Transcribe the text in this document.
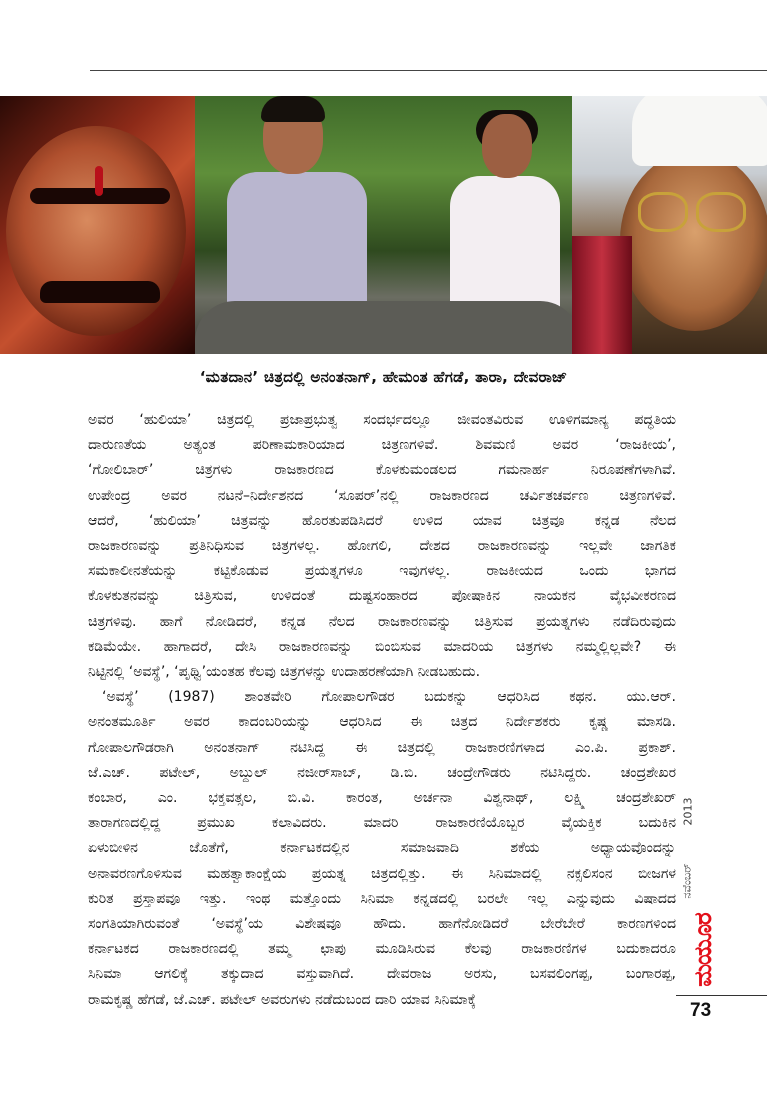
‘ಮತದಾನ’ ಚಿತ್ರದಲ್ಲಿ ಅನಂತನಾಗ್, ಹೇಮಂತ ಹೆಗಡೆ, ತಾರಾ, ದೇವರಾಜ್

ಅವರ ‘ಹುಲಿಯಾ’ ಚಿತ್ರದಲ್ಲಿ ಪ್ರಜಾಪ್ರಭುತ್ವ ಸಂದರ್ಭದಲ್ಲೂ ಜೀವಂತವಿರುವ ಊಳಿಗಮಾನ್ಯ ಪದ್ಧತಿಯ

ದಾರುಣತೆಯ ಅತ್ಯಂತ ಪರಿಣಾಮಕಾರಿಯಾದ ಚಿತ್ರಣಗಳಿವೆ. ಶಿವಮಣಿ ಅವರ ‘ರಾಜಕೀಯ’,

‘ಗೋಲಿಬಾರ್’ ಚಿತ್ರಗಳು ರಾಜಕಾರಣದ ಕೊಳಕುಮಂಡಲದ ಗಮನಾರ್ಹ ನಿರೂಪಣೆಗಳಾಗಿವೆ.

ಉಪೇಂದ್ರ ಅವರ ನಟನೆ–ನಿರ್ದೇಶನದ ‘ಸೂಪರ್’ನಲ್ಲಿ ರಾಜಕಾರಣದ ಚರ್ವಿತಚರ್ವಣ ಚಿತ್ರಣಗಳಿವೆ.

ಆದರೆ, ‘ಹುಲಿಯಾ’ ಚಿತ್ರವನ್ನು ಹೊರತುಪಡಿಸಿದರೆ ಉಳಿದ ಯಾವ ಚಿತ್ರವೂ ಕನ್ನಡ ನೆಲದ

ರಾಜಕಾರಣವನ್ನು ಪ್ರತಿನಿಧಿಸುವ ಚಿತ್ರಗಳಲ್ಲ. ಹೋಗಲಿ, ದೇಶದ ರಾಜಕಾರಣವನ್ನು ಇಲ್ಲವೇ ಜಾಗತಿಕ

ಸಮಕಾಲೀನತೆಯನ್ನು ಕಟ್ಟಿಕೊಡುವ ಪ್ರಯತ್ನಗಳೂ ಇವುಗಳಲ್ಲ. ರಾಜಕೀಯದ ಒಂದು ಭಾಗದ

ಕೊಳಕುತನವನ್ನು ಚಿತ್ರಿಸುವ, ಉಳಿದಂತೆ ದುಷ್ಟಸಂಹಾರದ ಪೋಷಾಕಿನ ನಾಯಕನ ವೈಭವೀಕರಣದ

ಚಿತ್ರಗಳಿವು. ಹಾಗೆ ನೋಡಿದರೆ, ಕನ್ನಡ ನೆಲದ ರಾಜಕಾರಣವನ್ನು ಚಿತ್ರಿಸುವ ಪ್ರಯತ್ನಗಳು ನಡೆದಿರುವುದು

ಕಡಿಮೆಯೇ. ಹಾಗಾದರೆ, ದೇಸಿ ರಾಜಕಾರಣವನ್ನು ಬಿಂಬಿಸುವ ಮಾದರಿಯ ಚಿತ್ರಗಳು ನಮ್ಮಲ್ಲಿಲ್ಲವೇ? ಈ

ನಿಟ್ಟಿನಲ್ಲಿ ‘ಅವಸ್ಥೆ’, ‘ಪೃಥ್ವಿ’ಯಂತಹ ಕೆಲವು ಚಿತ್ರಗಳನ್ನು ಉದಾಹರಣೆಯಾಗಿ ನೀಡಬಹುದು.

‘ಅವಸ್ಥೆ’ (1987) ಶಾಂತವೇರಿ ಗೋಪಾಲಗೌಡರ ಬದುಕನ್ನು ಆಧರಿಸಿದ ಕಥನ. ಯು.ಆರ್.

ಅನಂತಮೂರ್ತಿ ಅವರ ಕಾದಂಬರಿಯನ್ನು ಆಧರಿಸಿದ ಈ ಚಿತ್ರದ ನಿರ್ದೇಶಕರು ಕೃಷ್ಣ ಮಾಸಡಿ.

ಗೋಪಾಲಗೌಡರಾಗಿ ಅನಂತನಾಗ್ ನಟಿಸಿದ್ದ ಈ ಚಿತ್ರದಲ್ಲಿ ರಾಜಕಾರಣಿಗಳಾದ ಎಂ.ಪಿ. ಪ್ರಕಾಶ್.

ಜೆ.ಎಚ್. ಪಟೇಲ್, ಅಬ್ದುಲ್ ನಜೀರ್‌ಸಾಬ್, ಡಿ.ಬಿ. ಚಂದ್ರೇಗೌಡರು ನಟಿಸಿದ್ದರು. ಚಂದ್ರಶೇಖರ

ಕಂಬಾರ, ಎಂ. ಭಕ್ತವತ್ಸಲ, ಬಿ.ವಿ. ಕಾರಂತ, ಅರ್ಚನಾ ವಿಶ್ವನಾಥ್, ಲಕ್ಷ್ಮಿ ಚಂದ್ರಶೇಖರ್

ತಾರಾಗಣದಲ್ಲಿದ್ದ ಪ್ರಮುಖ ಕಲಾವಿದರು. ಮಾದರಿ ರಾಜಕಾರಣಿಯೊಬ್ಬರ ವೈಯಕ್ತಿಕ ಬದುಕಿನ

ಏಳುಬೀಳಿನ ಜೊತೆಗೆ, ಕರ್ನಾಟಕದಲ್ಲಿನ ಸಮಾಜವಾದಿ ಶಕೆಯ ಅಧ್ಯಾಯವೊಂದನ್ನು

ಅನಾವರಣಗೊಳಿಸುವ ಮಹತ್ವಾಕಾಂಕ್ಷೆಯ ಪ್ರಯತ್ನ ಚಿತ್ರದಲ್ಲಿತ್ತು. ಈ ಸಿನಿಮಾದಲ್ಲಿ ನಕ್ಸಲಿಸಂನ ಬೀಜಗಳ

ಕುರಿತ ಪ್ರಸ್ತಾಪವೂ ಇತ್ತು. ಇಂಥ ಮತ್ತೊಂದು ಸಿನಿಮಾ ಕನ್ನಡದಲ್ಲಿ ಬರಲೇ ಇಲ್ಲ ಎನ್ನುವುದು ವಿಷಾದದ

ಸಂಗತಿಯಾಗಿರುವಂತೆ ‘ಅವಸ್ಥೆ’ಯ ವಿಶೇಷವೂ ಹೌದು. ಹಾಗೆನೋಡಿದರೆ ಬೇರೆಬೇರೆ ಕಾರಣಗಳಿಂದ

ಕರ್ನಾಟಕದ ರಾಜಕಾರಣದಲ್ಲಿ ತಮ್ಮ ಛಾಪು ಮೂಡಿಸಿರುವ ಕೆಲವು ರಾಜಕಾರಣಿಗಳ ಬದುಕಾದರೂ

ಸಿನಿಮಾ ಆಗಲಿಕ್ಕೆ ತಕ್ಕುದಾದ ವಸ್ತುವಾಗಿದೆ. ದೇವರಾಜ ಅರಸು, ಬಸವಲಿಂಗಪ್ಪ, ಬಂಗಾರಪ್ಪ,

ರಾಮಕೃಷ್ಣ ಹೆಗಡೆ, ಜೆ.ಎಚ್. ಪಟೇಲ್ ಅವರುಗಳು ನಡೆದುಬಂದ ದಾರಿ ಯಾವ ಸಿನಿಮಾಕ್ಕೆ

2013
ನವೆಂಬರ್
ಮಯೂರ
73
